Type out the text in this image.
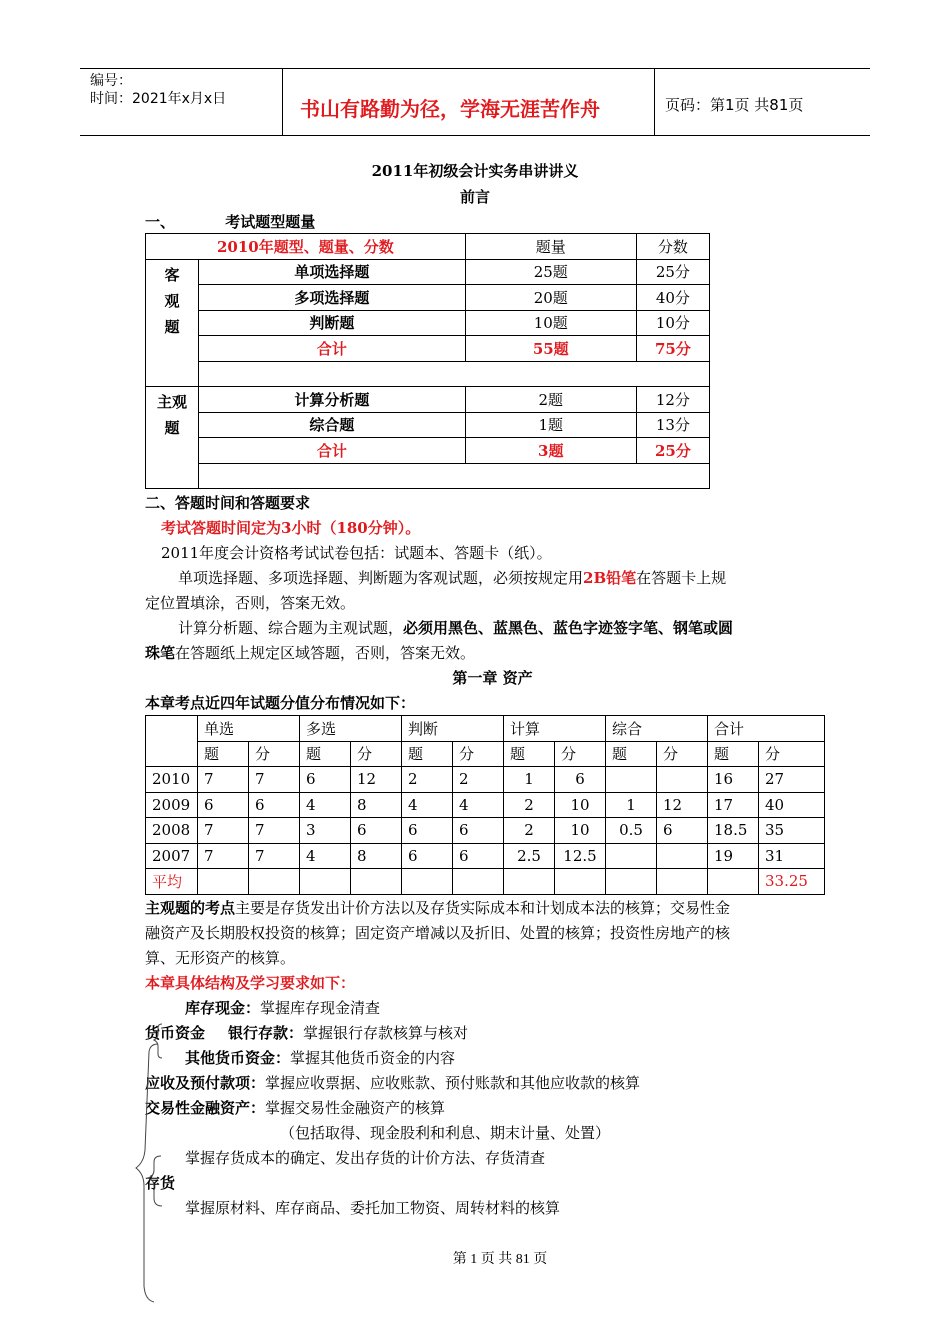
编号：
时间：2021年x月x日	书山有路勤为径，学海无涯苦作舟	页码：第1页 共81页
2011年初级会计实务串讲讲义
前言
一、	考试题型题量
2010年题型、题量、分数		题量	分数
客
观
题	单项选择题	25题	25分
	多项选择题	20题	40分
	判断题	10题	10分
	合计	55题	75分

主观
题	计算分析题	2题	12分
	综合题	1题	13分
	合计	3题	25分

二、答题时间和答题要求
考试答题时间定为3小时（180分钟）。
2011年度会计资格考试试卷包括：试题本、答题卡（纸）。
单项选择题、多项选择题、判断题为客观试题，必须按规定用2B铅笔在答题卡上规
定位置填涂，否则，答案无效。
计算分析题、综合题为主观试题，必须用黑色、蓝黑色、蓝色字迹签字笔、钢笔或圆
珠笔在答题纸上规定区域答题，否则，答案无效。
第一章 资产
本章考点近四年试题分值分布情况如下：
	单选		多选		判断		计算		综合		合计	
	题	分	题	分	题	分	题	分	题	分	题	分
2010	7	7	6	12	2	2	1	6			16	27
2009	6	6	4	8	4	4	2	10	1	12	17	40
2008	7	7	3	6	6	6	2	10	0.5	6	18.5	35
2007	7	7	4	8	6	6	2.5	12.5			19	31
平均												33.25
主观题的考点主要是存货发出计价方法以及存货实际成本和计划成本法的核算；交易性金
融资产及长期股权投资的核算；固定资产增减以及折旧、处置的核算；投资性房地产的核
算、无形资产的核算。
本章具体结构及学习要求如下：
库存现金：掌握库存现金清查
货币资金 银行存款：掌握银行存款核算与核对
其他货币资金：掌握其他货币资金的内容
应收及预付款项：掌握应收票据、应收账款、预付账款和其他应收款的核算
交易性金融资产：掌握交易性金融资产的核算
（包括取得、现金股利和利息、期末计量、处置）
掌握存货成本的确定、发出存货的计价方法、存货清查
存货
掌握原材料、库存商品、委托加工物资、周转材料的核算
第 1 页 共 81 页
